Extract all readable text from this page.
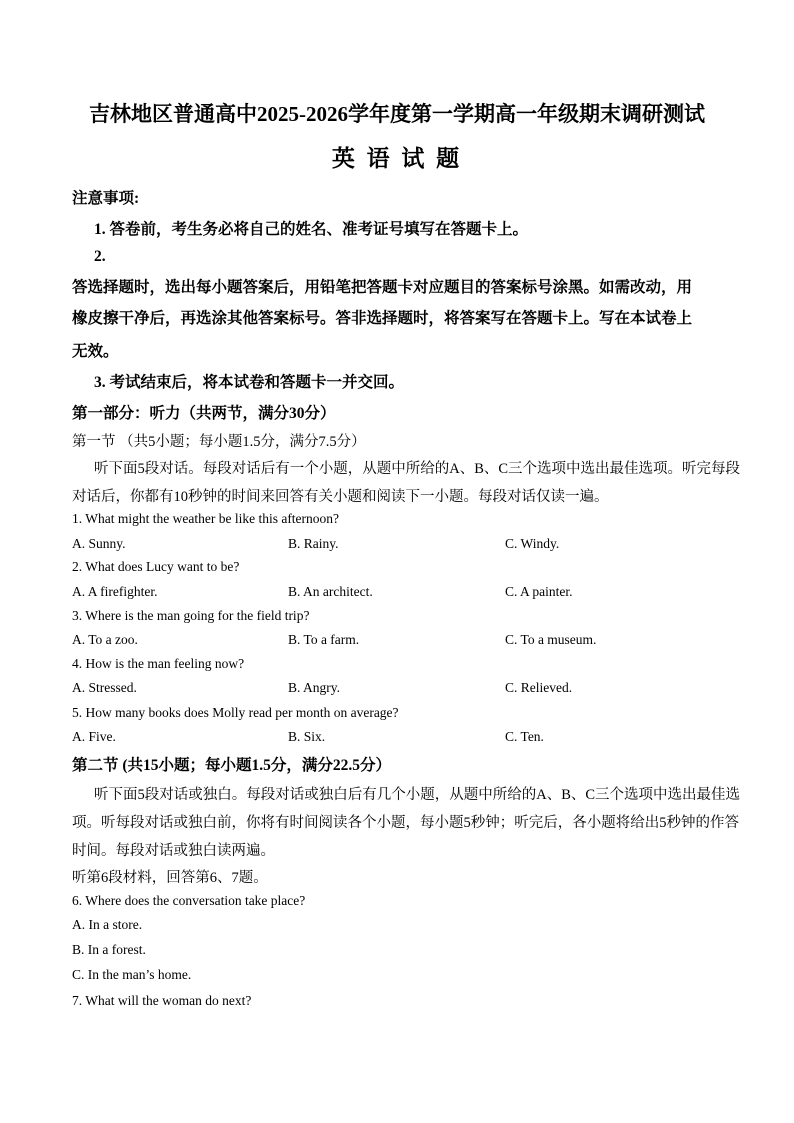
吉林地区普通高中2025-2026学年度第一学期高一年级期末调研测试
英 语 试 题
注意事项:
1. 答卷前，考生务必将自己的姓名、准考证号填写在答题卡上。
2.
答选择题时，选出每小题答案后，用铅笔把答题卡对应题目的答案标号涂黑。如需改动，用
橡皮擦干净后，再选涂其他答案标号。答非选择题时，将答案写在答题卡上。写在本试卷上
无效。
3. 考试结束后，将本试卷和答题卡一并交回。
第一部分：听力（共两节，满分30分）
第一节 （共5小题；每小题1.5分，满分7.5分）
听下面5段对话。每段对话后有一个小题，从题中所给的A、B、C三个选项中选出最佳选项。听完每段
对话后，你都有10秒钟的时间来回答有关小题和阅读下一小题。每段对话仅读一遍。
1. What might the weather be like this afternoon?
A. Sunny.	B. Rainy.	C. Windy.
2. What does Lucy want to be?
A. A firefighter.	B. An architect.	C. A painter.
3. Where is the man going for the field trip?
A. To a zoo.	B. To a farm.	C. To a museum.
4. How is the man feeling now?
A. Stressed.	B. Angry.	C. Relieved.
5. How many books does Molly read per month on average?
A. Five.	B. Six.	C. Ten.
第二节 (共15小题；每小题1.5分，满分22.5分）
听下面5段对话或独白。每段对话或独白后有几个小题，从题中所给的A、B、C三个选项中选出最佳选
项。听每段对话或独白前，你将有时间阅读各个小题，每小题5秒钟；听完后，各小题将给出5秒钟的作答
时间。每段对话或独白读两遍。
听第6段材料，回答第6、7题。
6. Where does the conversation take place?
A. In a store.
B. In a forest.
C. In the man’s home.
7. What will the woman do next?
